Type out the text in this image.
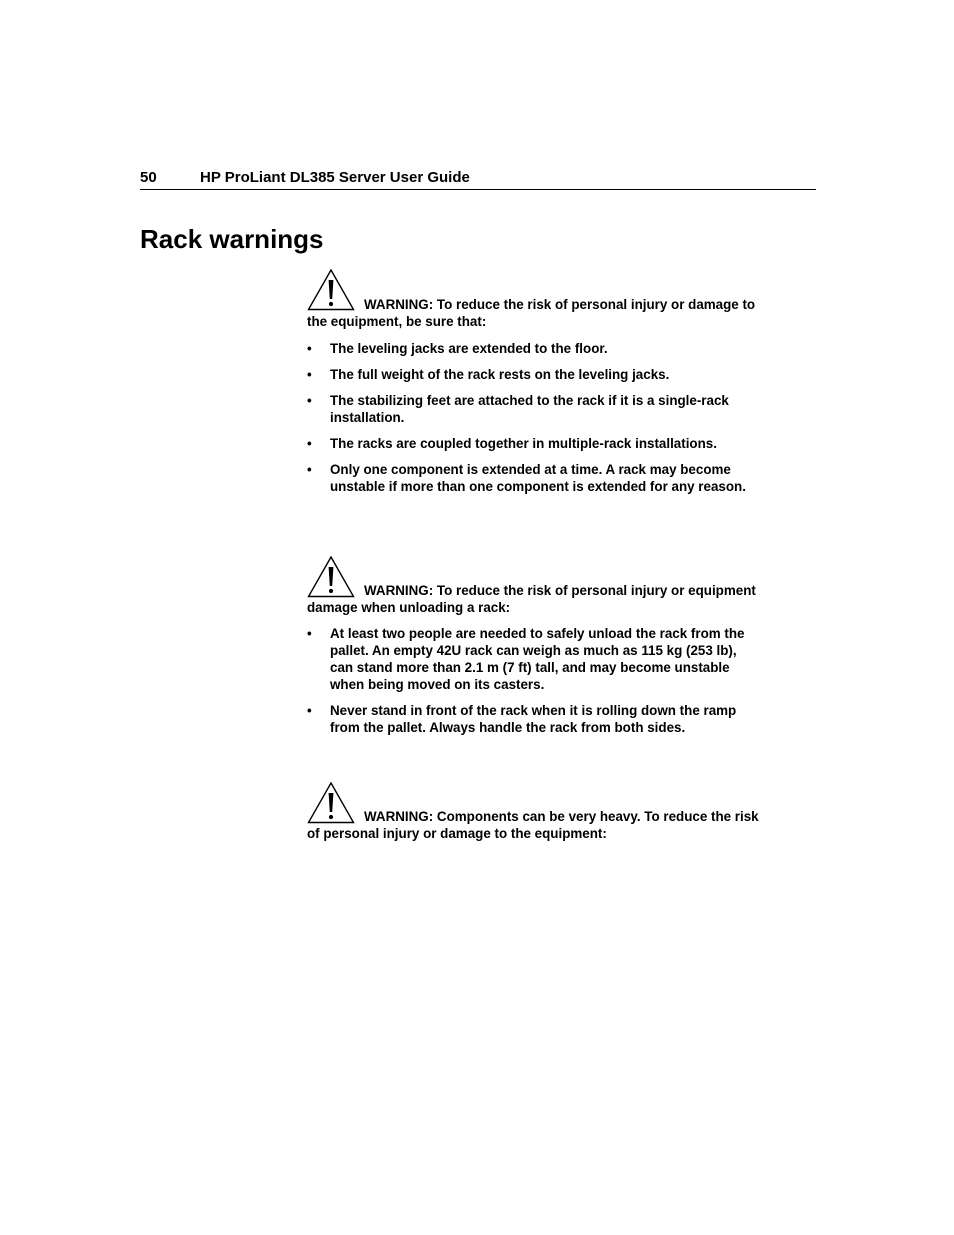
50	HP ProLiant DL385 Server User Guide
Rack warnings

WARNING: To reduce the risk of personal injury or damage to the equipment, be sure that:

• The leveling jacks are extended to the floor.
• The full weight of the rack rests on the leveling jacks.
• The stabilizing feet are attached to the rack if it is a single-rack installation.
• The racks are coupled together in multiple-rack installations.
• Only one component is extended at a time. A rack may become unstable if more than one component is extended for any reason.

WARNING: To reduce the risk of personal injury or equipment damage when unloading a rack:

• At least two people are needed to safely unload the rack from the pallet. An empty 42U rack can weigh as much as 115 kg (253 lb), can stand more than 2.1 m (7 ft) tall, and may become unstable when being moved on its casters.
• Never stand in front of the rack when it is rolling down the ramp from the pallet. Always handle the rack from both sides.

WARNING: Components can be very heavy. To reduce the risk of personal injury or damage to the equipment:
